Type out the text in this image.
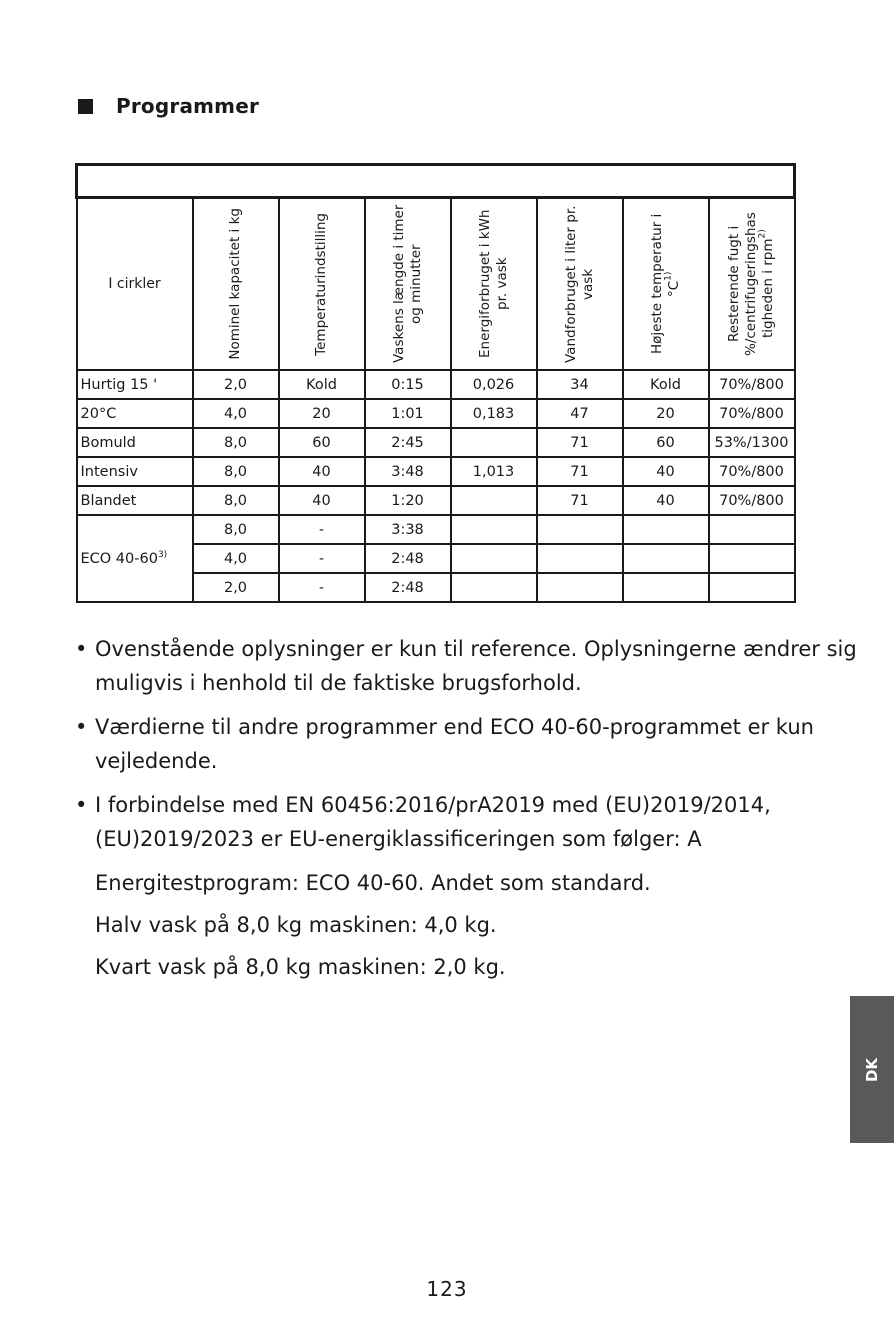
Programmer

I cirkler	Nominel kapacitet i kg	Temperaturindstilling	Vaskens længde i timer og minutter	Energiforbruget i kWh pr. vask	Vandforbruget i liter pr. vask	Højeste temperatur i $^\circ C^{1)}$	Resterende fugt i %/centrifugeringshas tigheden i rpm$^{2)}$

Hurtig 15 '	2,0	Kold	0:15	0,026	34	Kold	70%/800
20°C	4,0	20	1:01	0,183	47	20	70%/800
Bomuld	8,0	60	2:45		71	60	53%/1300
Intensiv	8,0	40	3:48	1,013	71	40	70%/800
Blandet	8,0	40	1:20		71	40	70%/800
ECO 40-60$^{3)}$	8,0	-	3:38				
	4,0	-	2:48				
	2,0	-	2:48				
• Ovenstående oplysninger er kun til reference. Oplysningerne ændrer sig muligvis i henhold til de faktiske brugsforhold.
• Værdierne til andre programmer end ECO 40-60-programmet er kun vejledende.
• I forbindelse med EN 60456:2016/prA2019 med (EU)2019/2014, (EU)2019/2023 er EU-energiklassificeringen som følger: A
Energitestprogram: ECO 40-60. Andet som standard.
Halv vask på 8,0 kg maskinen: 4,0 kg.
Kvart vask på 8,0 kg maskinen: 2,0 kg.
DK
123
